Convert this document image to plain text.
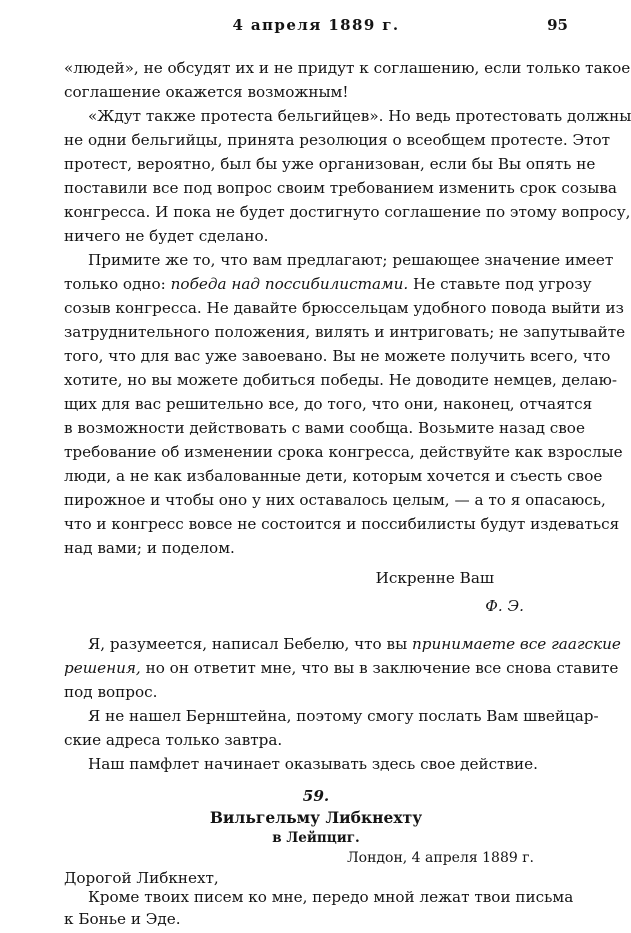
4 апреля 1889 г.	95
«людей», не обсудят их и не придут к соглашению, если только такое
соглашение окажется возможным!
«Ждут также протеста бельгийцев». Но ведь протестовать должны
не одни бельгийцы, принята резолюция о всеобщем протесте. Этот
протест, вероятно, был бы уже организован, если бы Вы опять не
поставили все под вопрос своим требованием изменить срок созыва
конгресса. И пока не будет достигнуто соглашение по этому вопросу,
ничего не будет сделано.
Примите же то, что вам предлагают; решающее значение имеет
только одно: победа над поссибилистами. Не ставьте под угрозу
созыв конгресса. Не давайте брюссельцам удобного повода выйти из
затруднительного положения, вилять и интриговать; не запутывайте
того, что для вас уже завоевано. Вы не можете получить всего, что
хотите, но вы можете добиться победы. Не доводите немцев, делаю-
щих для вас решительно все, до того, что они, наконец, отчаятся
в возможности действовать с вами сообща. Возьмите назад свое
требование об изменении срока конгресса, действуйте как взрослые
люди, а не как избалованные дети, которым хочется и съесть свое
пирожное и чтобы оно у них оставалось целым, — а то я опасаюсь,
что и конгресс вовсе не состоится и поссибилисты будут издеваться
над вами; и поделом.
Искренне Ваш
Ф. Э.
Я, разумеется, написал Бебелю, что вы принимаете все гаагские
решения, но он ответит мне, что вы в заключение все снова ставите
под вопрос.
Я не нашел Бернштейна, поэтому смогу послать Вам швейцар-
ские адреса только завтра.
Наш памфлет начинает оказывать здесь свое действие.
59.
Вильгельму Либкнехту
в Лейпциг.
Лондон, 4 апреля 1889 г.
Дорогой Либкнехт,
Кроме твоих писем ко мне, передо мной лежат твои письма
к Бонье и Эде.
